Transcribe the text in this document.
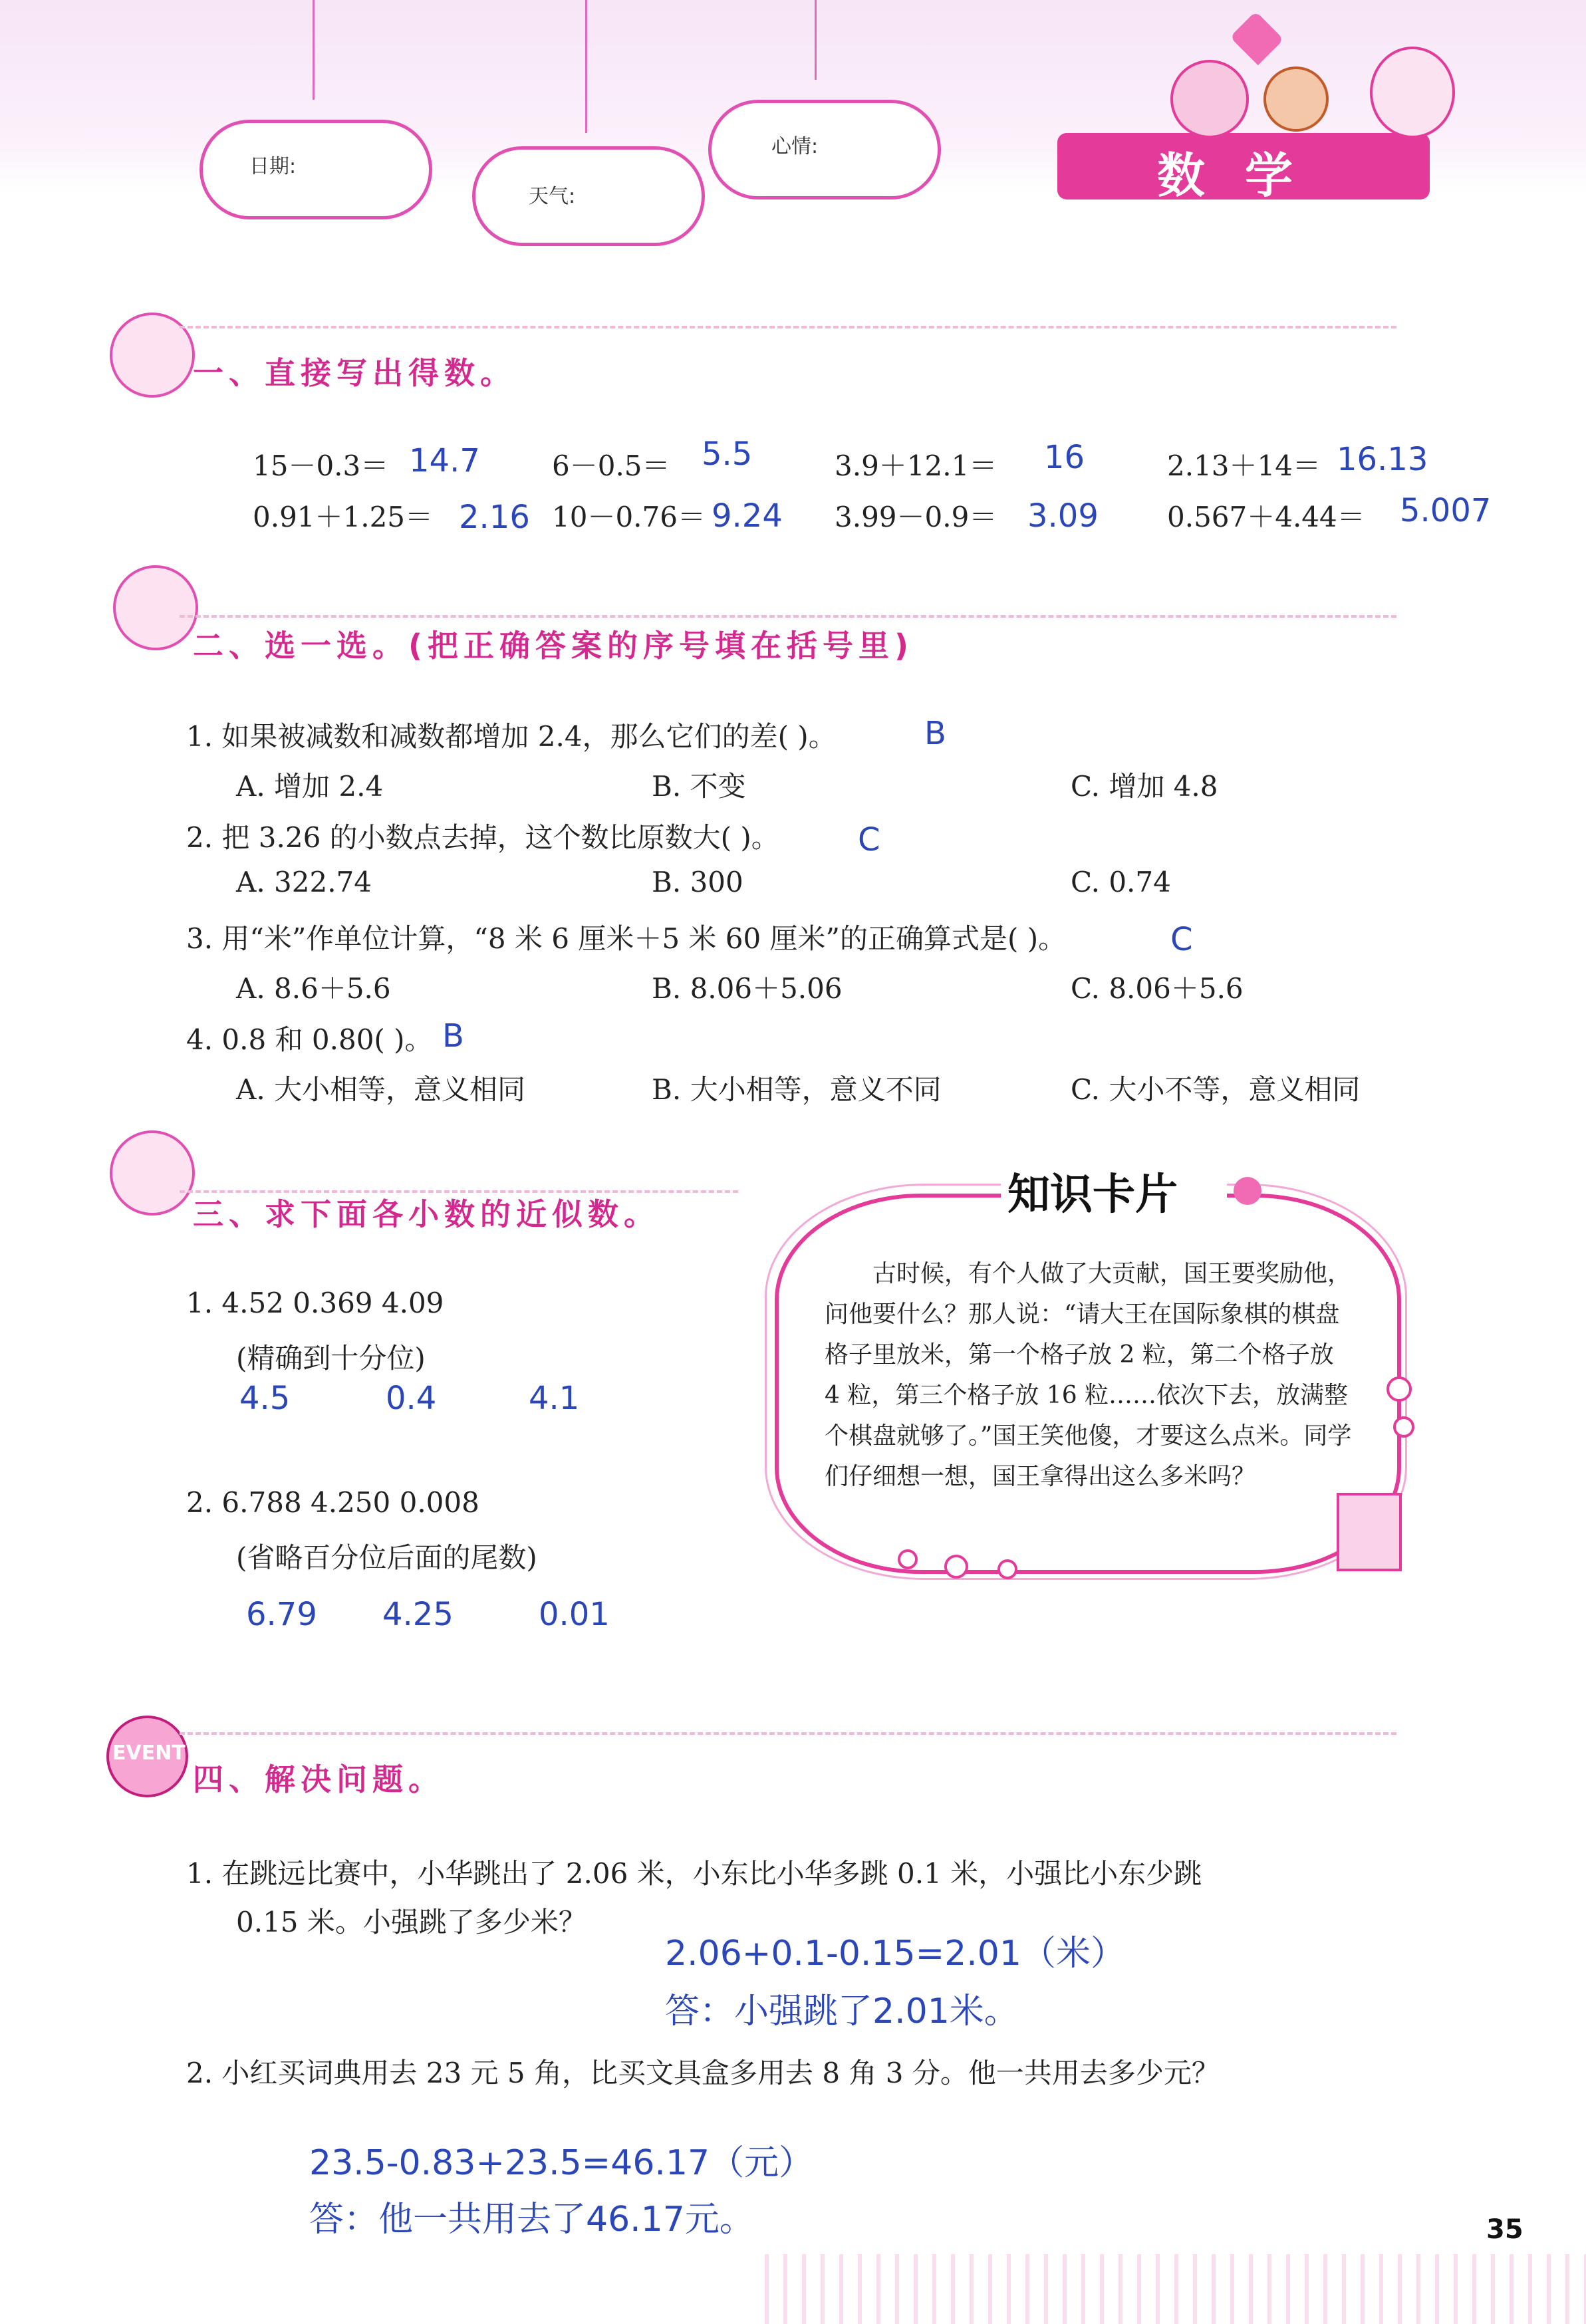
日期:
天气:
心情:
数学
一、直接写出得数。
15－0.3＝ 14.7	6－0.5＝ 5.5	3.9＋12.1＝ 16	2.13＋14＝ 16.13
0.91＋1.25＝ 2.16 10－0.76＝ 9.24 3.99－0.9＝ 3.09 0.567＋4.44＝ 5.007
二、选一选。(把正确答案的序号填在括号里)
1. 如果被减数和减数都增加 2.4，那么它们的差( )。	B
A. 增加 2.4	B. 不变	C. 增加 4.8
2. 把 3.26 的小数点去掉，这个数比原数大( )。 C
A. 322.74	B. 300	C. 0.74
3. 用“米”作单位计算，“8 米 6 厘米＋5 米 60 厘米”的正确算式是( )。	C
A. 8.6＋5.6	B. 8.06＋5.06	C. 8.06＋5.6
4. 0.8 和 0.80( )。 B
A. 大小相等，意义相同	B. 大小相等，意义不同	C. 大小不等，意义相同
三、求下面各小数的近似数。
1. 4.52 0.369 4.09
(精确到十分位)
4.5	0.4	4.1
2. 6.788 4.250 0.008
(省略百分位后面的尾数)
6.79 4.25	0.01
知识卡片
　　古时候，有个人做了大贡献，国王要奖励他，问他要什么？那人说：“请大王在国际象棋的棋盘格子里放米，第一个格子放 2 粒，第二个格子放 4 粒，第三个格子放 16 粒……依次下去，放满整个棋盘就够了。”国王笑他傻，才要这么点米。同学们仔细想一想，国王拿得出这么多米吗？
EVENT
四、解决问题。
1. 在跳远比赛中，小华跳出了 2.06 米，小东比小华多跳 0.1 米，小强比小东少跳
0.15 米。小强跳了多少米？
2.06+0.1-0.15=2.01（米）
答：小强跳了2.01米。
2. 小红买词典用去 23 元 5 角，比买文具盒多用去 8 角 3 分。他一共用去多少元？
23.5-0.83+23.5=46.17（元）
答：他一共用去了46.17元。	35
